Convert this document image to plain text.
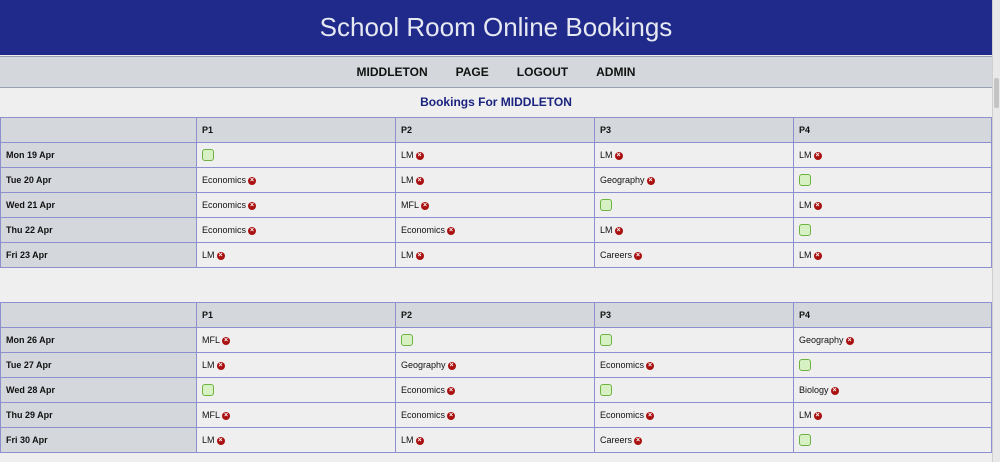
School Room Online Bookings
MIDDLETON PAGE LOGOUT ADMIN
Bookings For MIDDLETON
	P1	P2	P3	P4
Mon 19 Apr		LM ×	LM ×	LM ×
Tue 20 Apr	Economics ×	LM ×	Geography ×	
Wed 21 Apr	Economics ×	MFL ×		LM ×
Thu 22 Apr	Economics ×	Economics ×	LM ×	
Fri 23 Apr	LM ×	LM ×	Careers ×	LM ×
	P1	P2	P3	P4
Mon 26 Apr	MFL ×			Geography ×
Tue 27 Apr	LM ×	Geography ×	Economics ×	
Wed 28 Apr		Economics ×		Biology ×
Thu 29 Apr	MFL ×	Economics ×	Economics ×	LM ×
Fri 30 Apr	LM ×	LM ×	Careers ×	
